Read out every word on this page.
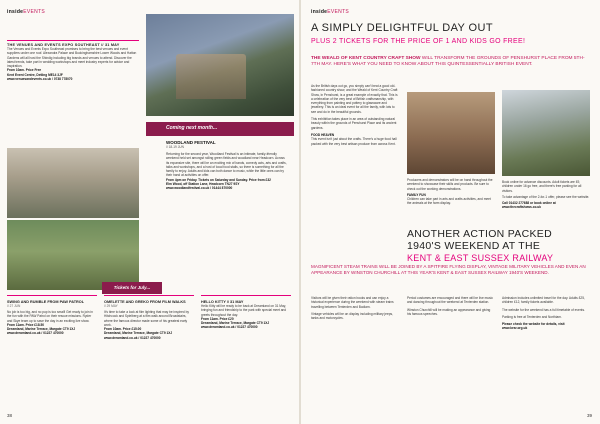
insideEVENTS
THE VENUES AND EVENTS EXPO SOUTHEAST // 31 MAY
The Venues and Events Expo Southeast promises to bring the best venues and event suppliers under one roof. Alexandra Palace and Buckinghamshire Lower Woods and Hatton Gardens will all host the Shindig including big brands and venues to attend. Discover the latest trends, take part in wedding workshops and meet industry experts for advice and inspiration.
From 10am. Price Free
Kent Event Centre, Detling ME14 3JF
www.venuesandevents.co.uk / 0738 778070
Coming next month...
WOODLAND FESTIVAL
// 18-19 JUN
Returning for the second year, Woodland Festival is an intimate, family-friendly weekend held set amongst rolling green fields and woodland near Headcorn. Across its expansive site, there will be an exciting mix of bands, comedy acts, arts and crafts, talks and workshops, and a host of local food stalls, so there is something for all the family to enjoy. Adults and kids can both dance to music, while the little ones can try their hand at activities on offer.
From 4pm on Friday. Tickets on Saturday and Sunday. Price from £32
Elm Wood, off Station Lane, Headcorn TN27 9SY
www.woodlandfestival.co.uk / 01444 870000
Tickets for July...
SWING AND RUMBLE FROM PAW PATROL
// 27 JUN
No job is too big, and no pup is too small! Get ready to join in the fun with the PAW Patrol on their rescue missions. Ryder and Skye team up to save the day in an exciting live show.
From 11am. Price £18.50
Dreamland, Marine Terrace, Margate CT9 1XJ
www.dreamland.co.uk / 01227 470000
OMELETTE AND GREKO FROM FILM WALKS
// 29 MAY
It's time to take a look at film lighting that may be inspired by Hitchcock and Spielberg at a film walk around Broadstairs, where the famous director made some of his greatest early work.
From 10am. Price £15.00
Dreamland, Marine Terrace, Margate CT9 1XJ
www.dreamland.co.uk / 01227 470000
HELLO KITTY // 31 MAY
Hello Kitty will be ready to be back at Dreamland on 31 May, bringing fun and friendship to the park with special meet and greets throughout the day.
From 11am. Price £20
Dreamland, Marine Terrace, Margate CT9 1XJ
www.dreamland.co.uk / 01227 470000
38
insideEVENTS
A SIMPLY DELIGHTFUL DAY OUT
PLUS 2 TICKETS FOR THE PRICE OF 1 AND KIDS GO FREE!
THE WEALD OF KENT COUNTRY CRAFT SHOW WILL TRANSFORM THE GROUNDS OF PENSHURST PLACE FROM 5TH-7TH MAY. HERE'S WHAT YOU NEED TO KNOW ABOUT THIS QUINTESSENTIALLY BRITISH EVENT.
As the British days out go, you simply can't beat a good old-fashioned country show, and the Weald of Kent Country Craft Show, in Penshurst, is a great example of exactly that. This is a celebration of the very best of British craftsmanship, with everything from painting and pottery to glassware and jewellery. This is an ideal event for all the family, with lots to see and do in the beautiful grounds.
This exhibition takes place in an area of outstanding natural beauty within the grounds of Penshurst Place and its ancient gardens.
FOOD HEAVEN
This event isn't just about the crafts. There's a huge food hall packed with the very best artisan produce from across Kent.
Producers and demonstrators will be on hand throughout the weekend to showcase their skills and products. Be sure to check out the working demonstrations.
FAMILY FUN
Children can take part in arts and crafts activities, and meet the animals at the farm display.
Book online for advance discounts. Adult tickets are £9, children under 16 go free, and there's free parking for all visitors.
To take advantage of the 2-for-1 offer, please see the website.
Call 01432 277688 or book online at www.thecraftshows.co.uk
ANOTHER ACTION PACKED
1940'S WEEKEND AT THE
KENT & EAST SUSSEX RAILWAY
MAGNIFICENT STEAM TRAINS WILL BE JOINED BY A SPITFIRE FLYING DISPLAY, VINTAGE MILITARY VEHICLES AND EVEN AN APPEARANCE BY WINSTON CHURCHILL AT THIS YEAR'S KENT & EAST SUSSEX RAILWAY 1940'S WEEKEND.
Visitors will be given their ration books and can enjoy a historical experience during the weekend with steam trains travelling between Tenterden and Bodiam.
Vintage vehicles will be on display including military jeeps, tanks and motorcycles.
Period costumes are encouraged and there will be live music and dancing throughout the weekend at Tenterden station.
Winston Churchill will be making an appearance and giving his famous speeches.
Admission includes unlimited travel for the day. Adults £25, children £12, family tickets available.
The website for the weekend has a full timetable of events.
Parking is free at Tenterden and Northiam.
Please check the website for details, visit www.kesr.org.uk
39
